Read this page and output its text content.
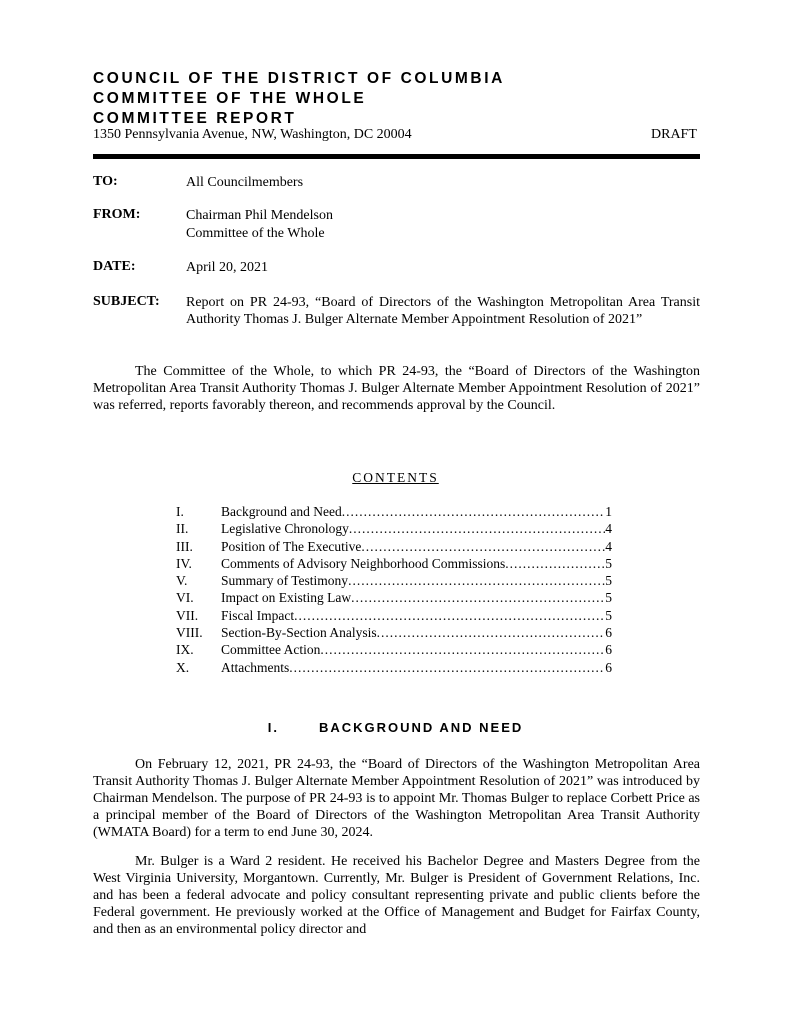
COUNCIL OF THE DISTRICT OF COLUMBIA
COMMITTEE OF THE WHOLE
COMMITTEE REPORT
1350 Pennsylvania Avenue, NW, Washington, DC 20004	DRAFT
TO:	All Councilmembers
FROM:	Chairman Phil Mendelson
Committee of the Whole
DATE:	April 20, 2021
SUBJECT: Report on PR 24-93, “Board of Directors of the Washington Metropolitan Area Transit Authority Thomas J. Bulger Alternate Member Appointment Resolution of 2021”

The Committee of the Whole, to which PR 24-93, the “Board of Directors of the Washington Metropolitan Area Transit Authority Thomas J. Bulger Alternate Member Appointment Resolution of 2021” was referred, reports favorably thereon, and recommends approval by the Council.

CONTENTS
I.	Background and Need .....	1
II. Legislative Chronology .....	4
III. Position of The Executive .....	4
IV. Comments of Advisory Neighborhood Commissions .....	5
V. Summary of Testimony .....	5
VI. Impact on Existing Law .....	5
VII. Fiscal Impact .....	5
VIII. Section-By-Section Analysis .....	6
IX. Committee Action .....	6
X. Attachments .....	6
I.	BACKGROUND AND NEED

On February 12, 2021, PR 24-93, the “Board of Directors of the Washington Metropolitan Area Transit Authority Thomas J. Bulger Alternate Member Appointment Resolution of 2021” was introduced by Chairman Mendelson. The purpose of PR 24-93 is to appoint Mr. Thomas Bulger to replace Corbett Price as a principal member of the Board of Directors of the Washington Metropolitan Area Transit Authority (WMATA Board) for a term to end June 30, 2024.

Mr. Bulger is a Ward 2 resident. He received his Bachelor Degree and Masters Degree from the West Virginia University, Morgantown. Currently, Mr. Bulger is President of Government Relations, Inc. and has been a federal advocate and policy consultant representing private and public clients before the Federal government. He previously worked at the Office of Management and Budget for Fairfax County, and then as an environmental policy director and
